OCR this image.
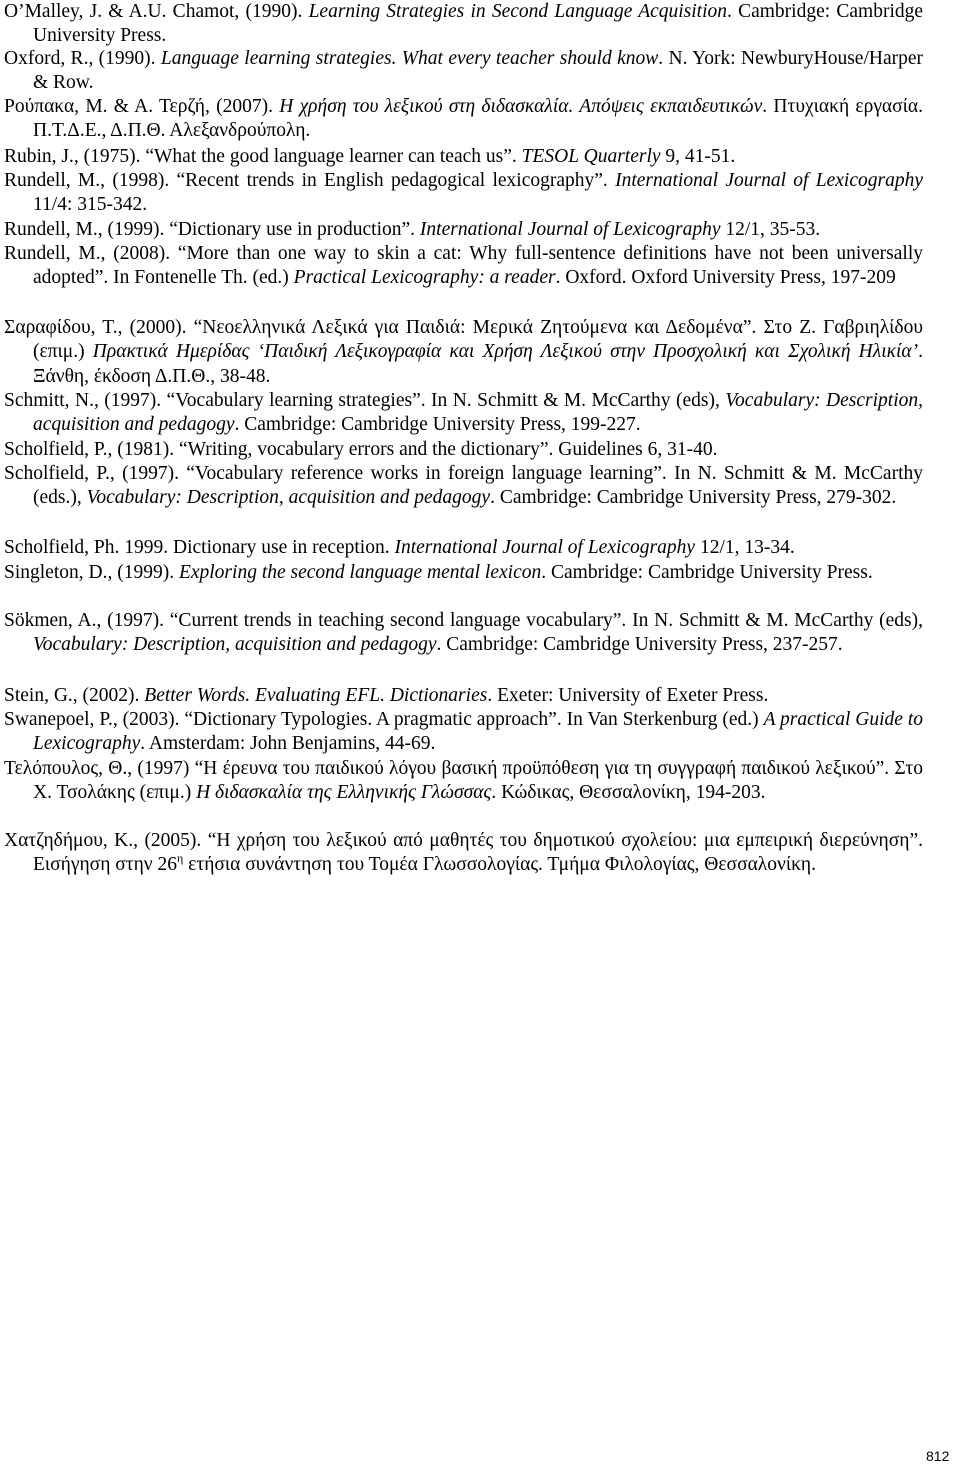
O’Malley, J. & A.U. Chamot, (1990). Learning Strategies in Second Language Acquisition. Cambridge: Cambridge University Press.

Oxford, R., (1990). Language learning strategies. What every teacher should know. N. York: NewburyHouse/Harper & Row.

Ρούπακα, Μ. & Α. Τερζή, (2007). Η χρήση του λεξικού στη διδασκαλία. Απόψεις εκπαιδευτικών. Πτυχιακή εργασία. Π.Τ.Δ.Ε., Δ.Π.Θ. Αλεξανδρούπολη.

Rubin, J., (1975). “What the good language learner can teach us”. TESOL Quarterly 9, 41-51.

Rundell, M., (1998). “Recent trends in English pedagogical lexicography”. International Journal of Lexicography 11/4: 315-342.

Rundell, M., (1999). “Dictionary use in production”. International Journal of Lexicography 12/1, 35-53.

Rundell, M., (2008). “More than one way to skin a cat: Why full-sentence definitions have not been universally adopted”. In Fontenelle Th. (ed.) Practical Lexicography: a reader. Oxford. Oxford University Press, 197-209

Σαραφίδου, Τ., (2000). “Νεοελληνικά Λεξικά για Παιδιά: Μερικά Ζητούμενα και Δεδομένα”. Στο Ζ. Γαβριηλίδου (επιμ.) Πρακτικά Ημερίδας ‘Παιδική Λεξικογραφία και Χρήση Λεξικού στην Προσχολική και Σχολική Ηλικία’. Ξάνθη, έκδοση Δ.Π.Θ., 38-48.

Schmitt, N., (1997). “Vocabulary learning strategies”. In N. Schmitt & M. McCarthy (eds), Vocabulary: Description, acquisition and pedagogy. Cambridge: Cambridge University Press, 199-227.

Scholfield, P., (1981). “Writing, vocabulary errors and the dictionary”. Guidelines 6, 31-40.

Scholfield, P., (1997). “Vocabulary reference works in foreign language learning”. In N. Schmitt & M. McCarthy (eds.), Vocabulary: Description, acquisition and pedagogy. Cambridge: Cambridge University Press, 279-302.

Scholfield, Ph. 1999. Dictionary use in reception. International Journal of Lexicography 12/1, 13-34.

Singleton, D., (1999). Exploring the second language mental lexicon. Cambridge: Cambridge University Press.

Sökmen, A., (1997). “Current trends in teaching second language vocabulary”. In N. Schmitt & M. McCarthy (eds), Vocabulary: Description, acquisition and pedagogy. Cambridge: Cambridge University Press, 237-257.

Stein, G., (2002). Better Words. Evaluating EFL. Dictionaries. Exeter: University of Exeter Press.

Swanepoel, P., (2003). “Dictionary Typologies. A pragmatic approach”. In Van Sterkenburg (ed.) A practical Guide to Lexicography. Amsterdam: John Benjamins, 44-69.

Τελόπουλος, Θ., (1997) “Η έρευνα του παιδικού λόγου βασική προϋπόθεση για τη συγγραφή παιδικού λεξικού”. Στο Χ. Τσολάκης (επιμ.) Η διδασκαλία της Ελληνικής Γλώσσας. Κώδικας, Θεσσαλονίκη, 194-203.

Χατζηδήμου, Κ., (2005). “Η χρήση του λεξικού από μαθητές του δημοτικού σχολείου: μια εμπειρική διερεύνηση”. Εισήγηση στην $26^\eta$ ετήσια συνάντηση του Τομέα Γλωσσολογίας. Τμήμα Φιλολογίας, Θεσσαλονίκη.

812
